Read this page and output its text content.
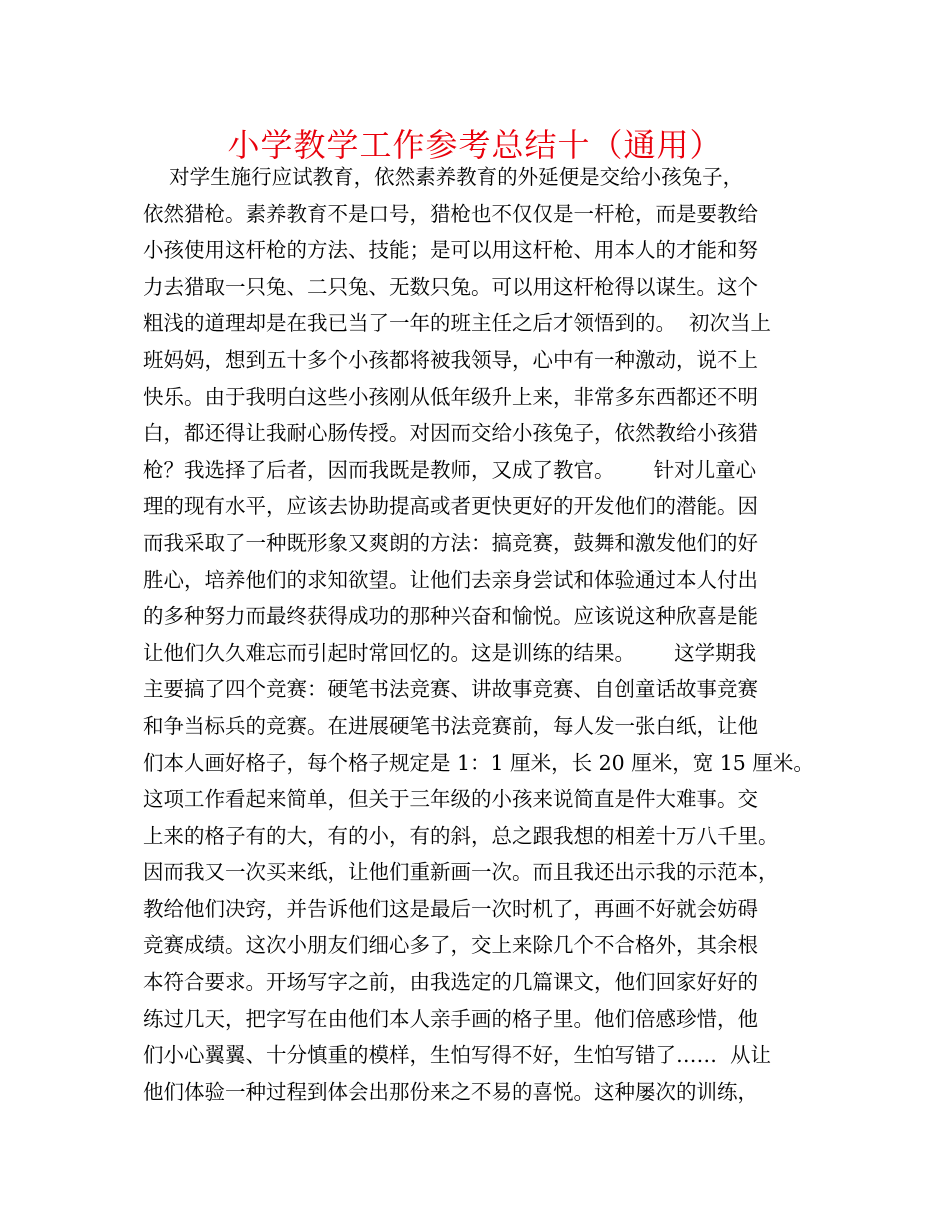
小学教学工作参考总结十（通用）
对学生施行应试教育，依然素养教育的外延便是交给小孩兔子，
依然猎枪。素养教育不是口号，猎枪也不仅仅是一杆枪，而是要教给
小孩使用这杆枪的方法、技能；是可以用这杆枪、用本人的才能和努
力去猎取一只兔、二只兔、无数只兔。可以用这杆枪得以谋生。这个
粗浅的道理却是在我已当了一年的班主任之后才领悟到的。  初次当上
班妈妈，想到五十多个小孩都将被我领导，心中有一种激动，说不上
快乐。由于我明白这些小孩刚从低年级升上来，非常多东西都还不明
白，都还得让我耐心肠传授。对因而交给小孩兔子，依然教给小孩猎
枪？我选择了后者，因而我既是教师，又成了教官。      针对儿童心
理的现有水平，应该去协助提高或者更快更好的开发他们的潜能。因
而我采取了一种既形象又爽朗的方法：搞竞赛，鼓舞和激发他们的好
胜心，培养他们的求知欲望。让他们去亲身尝试和体验通过本人付出
的多种努力而最终获得成功的那种兴奋和愉悦。应该说这种欣喜是能
让他们久久难忘而引起时常回忆的。这是训练的结果。      这学期我
主要搞了四个竞赛：硬笔书法竞赛、讲故事竞赛、自创童话故事竞赛
和争当标兵的竞赛。在进展硬笔书法竞赛前，每人发一张白纸，让他
们本人画好格子，每个格子规定是 1：1 厘米，长 20 厘米，宽 15 厘米。
这项工作看起来简单，但关于三年级的小孩来说简直是件大难事。交
上来的格子有的大，有的小，有的斜，总之跟我想的相差十万八千里。
因而我又一次买来纸，让他们重新画一次。而且我还出示我的示范本，
教给他们决窍，并告诉他们这是最后一次时机了，再画不好就会妨碍
竞赛成绩。这次小朋友们细心多了，交上来除几个不合格外，其余根
本符合要求。开场写字之前，由我选定的几篇课文，他们回家好好的
练过几天，把字写在由他们本人亲手画的格子里。他们倍感珍惜，他
们小心翼翼、十分慎重的模样，生怕写得不好，生怕写错了……  从让
他们体验一种过程到体会出那份来之不易的喜悦。这种屡次的训练，
